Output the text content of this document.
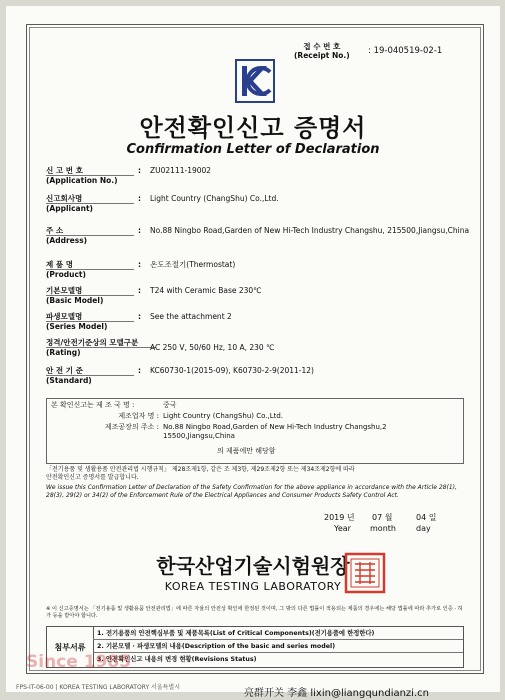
접 수 번 호
(Receipt No.) : 19-040519-02-1
안전확인신고 증명서
Confirmation Letter of Declaration
신 고 번 호
(Application No.)
: ZU02111-19002
신고회사명
(Applicant)
: Light Country (ChangShu) Co.,Ltd.
주 소
(Address)
: No.88 Ningbo Road,Garden of New Hi-Tech Industry Changshu, 215500,Jiangsu,China
제 품 명
(Product)
: 온도조절기(Thermostat)
기본모델명
(Basic Model)
: T24 with Ceramic Base 230℃
파생모델명
(Series Model)
: See the attachment 2
정격/안전기준상의 모델구분
(Rating)
AC 250 V, 50/60 Hz, 10 A, 230 ℃
안 전 기 준
(Standard)
: KC60730-1(2015-09), K60730-2-9(2011-12)
본 확인신고는 제 조 국 명 :	중국
제조업자 명 : Light Country (ChangShu) Co.,Ltd.
제조공장의 주소 : No.88 Ningbo Road,Garden of New Hi-Tech Industry Changshu,2 15500,Jiangsu,China
의 제품에만 해당함
「전기용품 및 생활용품 안전관리법 시행규칙」 제28조제1항, 같은 조 제3항, 제29조제2항 또는 제34조제2항에 따라
안전확인신고 증명서를 발급합니다.
We issue this Confirmation Letter of Declaration of the Safety Confirmation for the above appliance in accordance with the Article 28(1), 28(3), 29(2) or 34(2) of the Enforcement Rule of the Electrical Appliances and Consumer Products Safety Control Act.
2019 년 07 월	04 일
Year month	day
한국산업기술시험원장
KOREA TESTING LABORATORY
※ 이 신고증명서는 「전기용품 및 생활용품 안전관리법」에 따른 자율의 안전성 확인에 한정된 것이며, 그 밖의 다른 법률이 적용되는 제품의 경우에는 해당 법률에 따라 추가로 인증 · 허가 등을 받아야 합니다.
첨부서류
1. 전기용품의 안전핵심부품 및 제품목록(List of Critical Components)(전기용품에 한정한다)
2. 기본모델 · 파생모델의 내용(Description of the basic and series model)
3. 안전확인신고 내용의 변경 현황(Revisions Status)
Since 1985
FPS-IT-06-00 | KOREA TESTING LABORATORY 서울특별시
亮群开关 李鑫 lixin@liangqundianzi.cn
